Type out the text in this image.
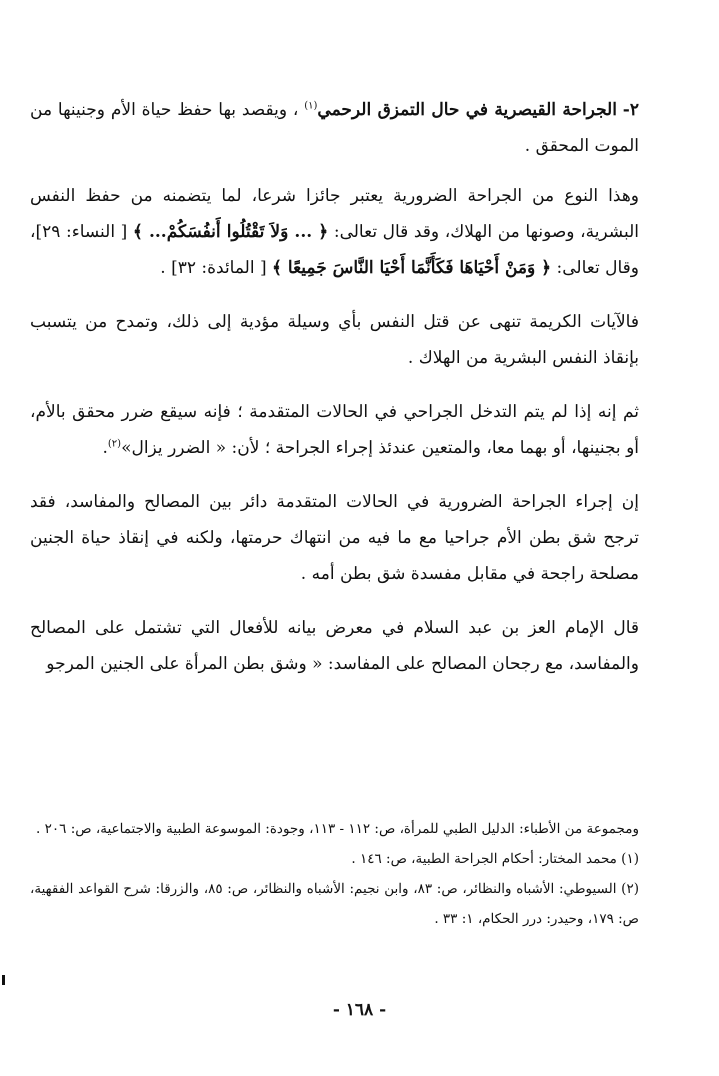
٢- الجراحة القيصرية في حال التمزق الرحمي$^{(١)}$ ، ويقصد بها حفظ حياة الأم وجنينها من الموت المحقق .

وهذا النوع من الجراحة الضرورية يعتبر جائزا شرعا، لما يتضمنه من حفظ النفس البشرية، وصونها من الهلاك، وقد قال تعالى: ﴿ ... وَلاَ تَقْتُلُوا أَنفُسَكُمْ... ﴾ [ النساء: ٢٩]، وقال تعالى: ﴿ وَمَنْ أَحْيَاهَا فَكَأَنَّمَا أَحْيَا النَّاسَ جَمِيعًا ﴾ [ المائدة: ٣٢] .

فالآيات الكريمة تنهى عن قتل النفس بأي وسيلة مؤدية إلى ذلك، وتمدح من يتسبب بإنقاذ النفس البشرية من الهلاك .

ثم إنه إذا لم يتم التدخل الجراحي في الحالات المتقدمة ؛ فإنه سيقع ضرر محقق بالأم، أو بجنينها، أو بهما معا، والمتعين عندئذ إجراء الجراحة ؛ لأن: « الضرر يزال»$^{(٢)}$.

إن إجراء الجراحة الضرورية في الحالات المتقدمة دائر بين المصالح والمفاسد، فقد ترجح شق بطن الأم جراحيا مع ما فيه من انتهاك حرمتها، ولكنه في إنقاذ حياة الجنين مصلحة راجحة في مقابل مفسدة شق بطن أمه .

قال الإمام العز بن عبد السلام في معرض بيانه للأفعال التي تشتمل على المصالح والمفاسد، مع رجحان المصالح على المفاسد: « وشق بطن المرأة على الجنين المرجو

ومجموعة من الأطباء: الدليل الطبي للمرأة، ص: ١١٢ - ١١٣، وجودة: الموسوعة الطبية والاجتماعية، ص: ٢٠٦ .

(١) محمد المختار: أحكام الجراحة الطبية، ص: ١٤٦ .

(٢) السيوطي: الأشباه والنظائر، ص: ٨٣، وابن نجيم: الأشباه والنظائر، ص: ٨٥، والزرقا: شرح القواعد الفقهية، ص: ١٧٩، وحيدر: درر الحكام، ١: ٣٣ .

- ١٦٨ -
